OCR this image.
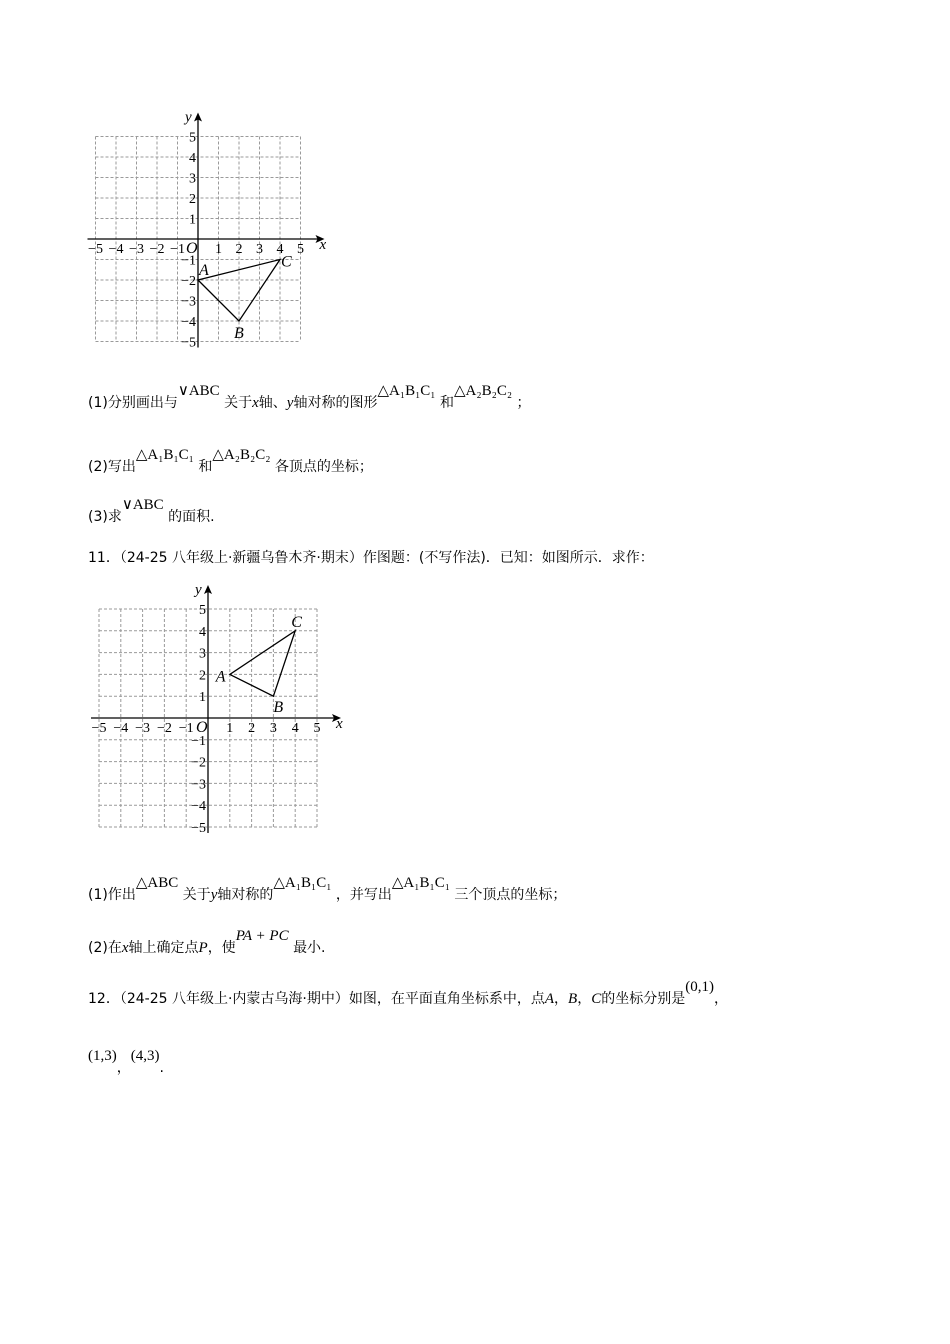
x
y
O
−5 −4 −3 −2 −1 1 2 3 4 5
5
4
3
2
1
−1
−2
−3
−4
−5
A
B
C
(1)分别画出与∨ABC 关于x轴、y轴对称的图形△A₁B₁C₁ 和△A₂B₂C₂ ；
(2)写出△A₁B₁C₁ 和△A₂B₂C₂ 各顶点的坐标；
(3)求∨ABC 的面积.
11．（24-25 八年级上·新疆乌鲁木齐·期末）作图题：(不写作法)．已知：如图所示．求作：
x
y
O
−5 −4 −3 −2 −1 1 2 3 4 5
5
4
3
2
1
−1
−2
−3
−4
−5
A
B
C
(1)作出△ABC 关于y轴对称的△A₁B₁C₁ ，并写出△A₁B₁C₁ 三个顶点的坐标；
(2)在x轴上确定点P，使PA + PC 最小.
12．（24-25 八年级上·内蒙古乌海·期中）如图，在平面直角坐标系中，点A，B，C的坐标分别是(0,1)，
(1,3)，(4,3).
